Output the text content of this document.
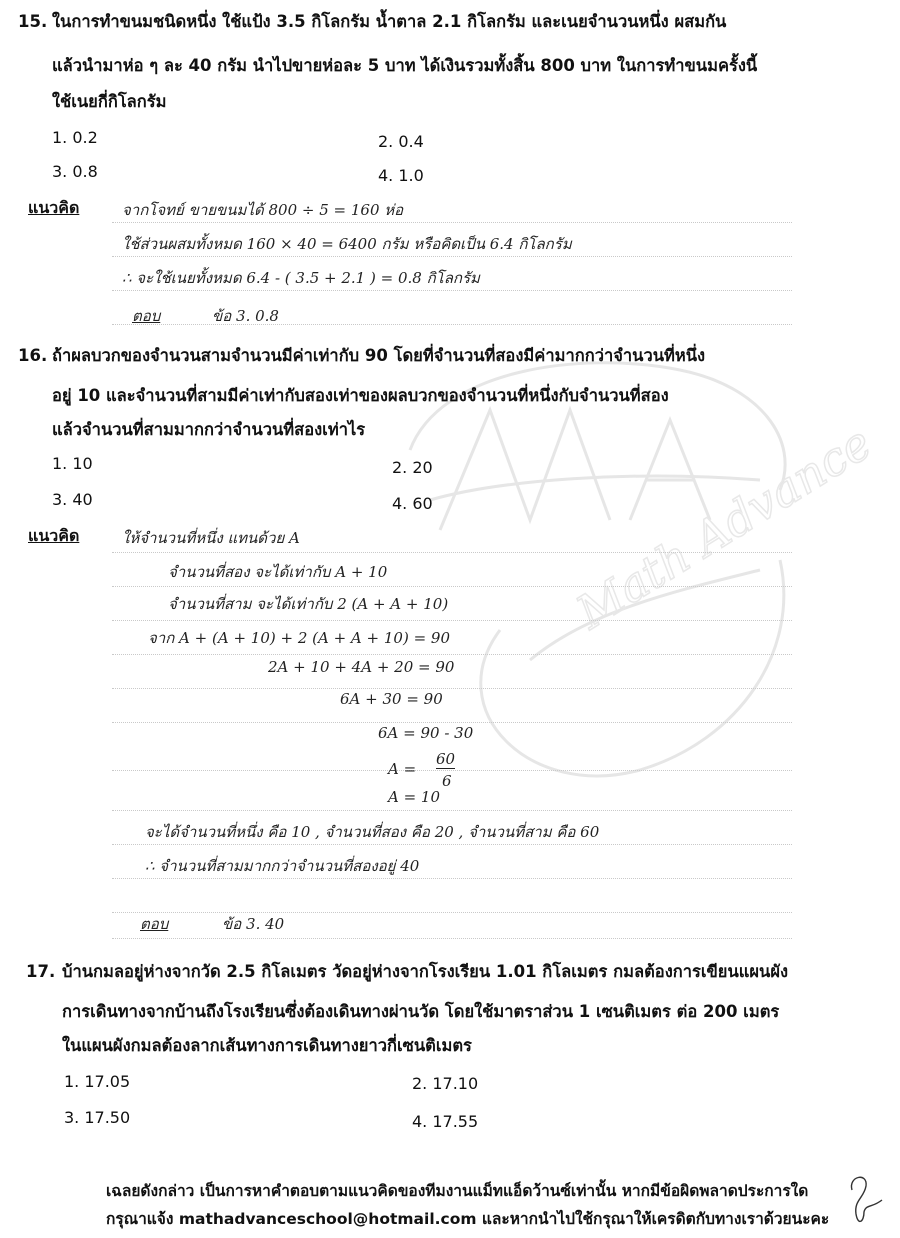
Math Advance
15. ในการทำขนมชนิดหนึ่ง ใช้แป้ง 3.5 กิโลกรัม น้ำตาล 2.1 กิโลกรัม และเนยจำนวนหนึ่ง ผสมกัน
แล้วนำมาห่อ ๆ ละ 40 กรัม นำไปขายห่อละ 5 บาท ได้เงินรวมทั้งสิ้น 800 บาท ในการทำขนมครั้งนี้
ใช้เนยกี่กิโลกรัม
1. 0.2	2. 0.4
3. 0.8	4. 1.0
แนวคิด	จากโจทย์ ขายขนมได้ 800 ÷ 5 = 160 ห่อ
ใช้ส่วนผสมทั้งหมด 160 × 40 = 6400 กรัม หรือคิดเป็น 6.4 กิโลกรัม
∴ จะใช้เนยทั้งหมด 6.4 - ( 3.5 + 2.1 ) = 0.8 กิโลกรัม
ตอบ	ข้อ 3. 0.8
16. ถ้าผลบวกของจำนวนสามจำนวนมีค่าเท่ากับ 90 โดยที่จำนวนที่สองมีค่ามากกว่าจำนวนที่หนึ่ง
อยู่ 10 และจำนวนที่สามมีค่าเท่ากับสองเท่าของผลบวกของจำนวนที่หนึ่งกับจำนวนที่สอง
แล้วจำนวนที่สามมากกว่าจำนวนที่สองเท่าไร
1. 10	2. 20
3. 40	4. 60
แนวคิด	ให้จำนวนที่หนึ่ง แทนด้วย A
จำนวนที่สอง จะได้เท่ากับ A + 10
จำนวนที่สาม จะได้เท่ากับ 2 (A + A + 10)
จาก A + (A + 10) + 2 (A + A + 10) = 90
2A + 10 + 4A + 20 = 90
6A + 30 = 90
6A = 90 - 30
A =
60
6
A = 10
จะได้จำนวนที่หนึ่ง คือ 10 , จำนวนที่สอง คือ 20 , จำนวนที่สาม คือ 60
∴ จำนวนที่สามมากกว่าจำนวนที่สองอยู่ 40
ตอบ	ข้อ 3. 40
17. บ้านกมลอยู่ห่างจากวัด 2.5 กิโลเมตร วัดอยู่ห่างจากโรงเรียน 1.01 กิโลเมตร กมลต้องการเขียนแผนผัง
การเดินทางจากบ้านถึงโรงเรียนซึ่งต้องเดินทางผ่านวัด โดยใช้มาตราส่วน 1 เซนติเมตร ต่อ 200 เมตร
ในแผนผังกมลต้องลากเส้นทางการเดินทางยาวกี่เซนติเมตร
1. 17.05	2. 17.10
3. 17.50	4. 17.55
เฉลยดังกล่าว เป็นการหาคำตอบตามแนวคิดของทีมงานแม็ทแอ็ดว้านซ์เท่านั้น หากมีข้อผิดพลาดประการใด
กรุณาแจ้ง mathadvanceschool@hotmail.com และหากนำไปใช้กรุณาให้เครดิตกับทางเราด้วยนะคะ
